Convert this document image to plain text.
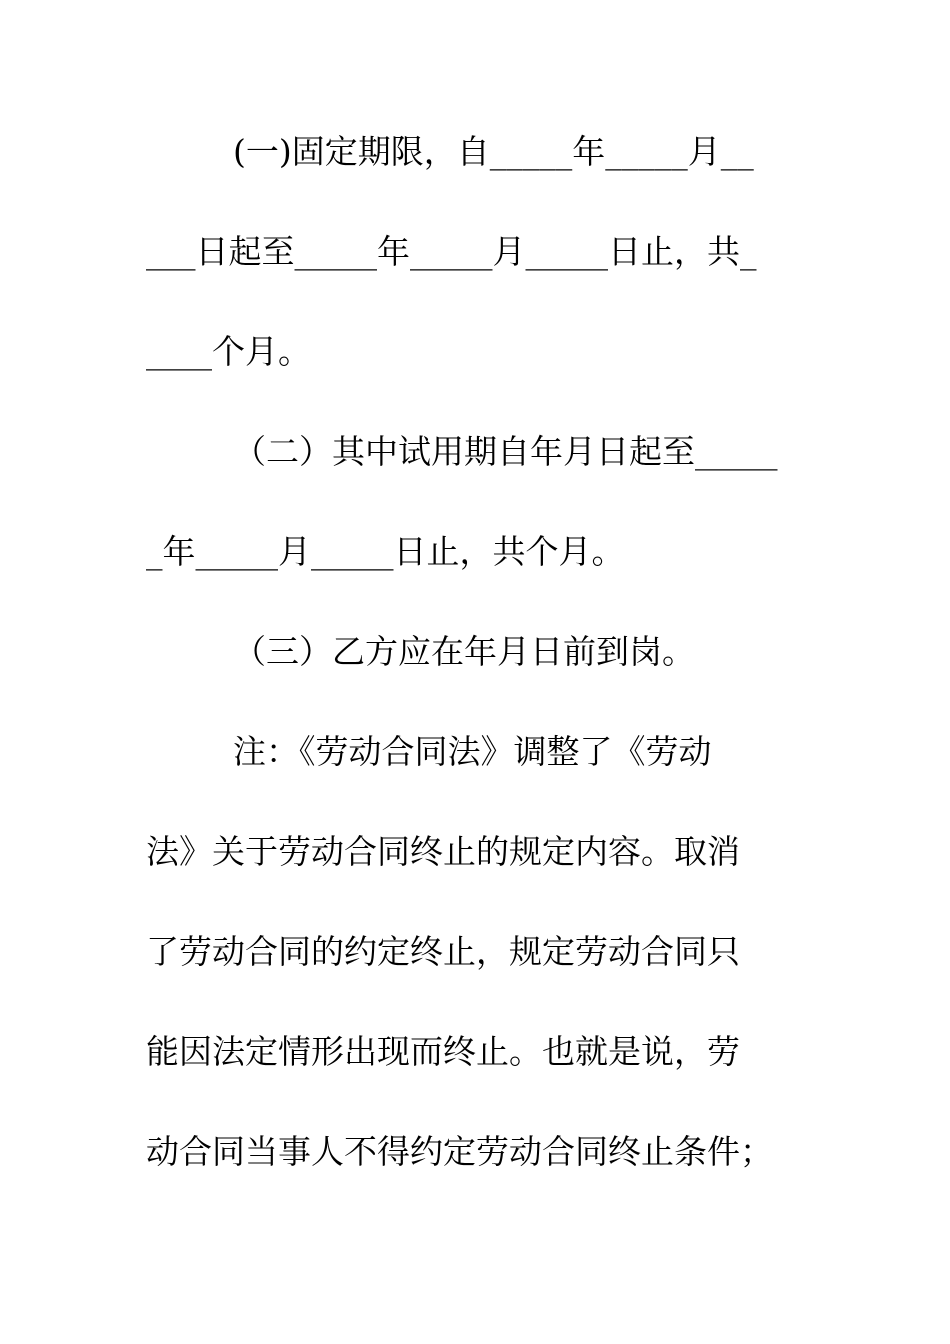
(一)固定期限，自_____年_____月__
___日起至_____年_____月_____日止，共_
____个月。
（二）其中试用期自年月日起至_____
_年_____月_____日止，共个月。
（三）乙方应在年月日前到岗。
注：《劳动合同法》调整了《劳动
法》关于劳动合同终止的规定内容。取消
了劳动合同的约定终止，规定劳动合同只
能因法定情形出现而终止。也就是说，劳
动合同当事人不得约定劳动合同终止条件；
